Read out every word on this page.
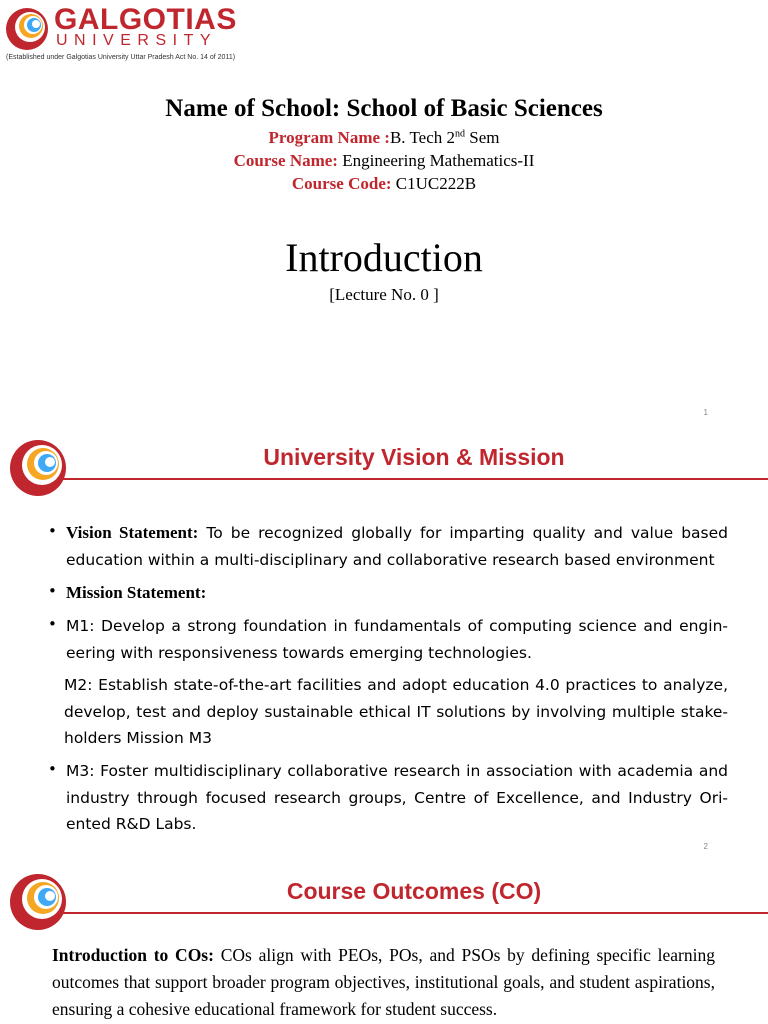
GALGOTIAS
UNIVERSITY
(Established under Galgotias University Uttar Pradesh Act No. 14 of 2011)
Name of School: School of Basic Sciences
Program Name :B. Tech 2nd Sem
Course Name: Engineering Mathematics-II
Course Code: C1UC222B
Introduction
[Lecture No. 0 ]
1
University Vision & Mission
• Vision Statement: To be recognized globally for imparting quality and value based education within a multi-disciplinary and collaborative research based environment
• Mission Statement:
• M1: Develop a strong foundation in fundamentals of computing science and engin-eering with responsiveness towards emerging technologies.
M2: Establish state-of-the-art facilities and adopt education 4.0 practices to analyze, develop, test and deploy sustainable ethical IT solutions by involving multiple stake-holders Mission M3
• M3: Foster multidisciplinary collaborative research in association with academia and industry through focused research groups, Centre of Excellence, and Industry Ori-ented R&D Labs.
2
Course Outcomes (CO)
Introduction to COs: COs align with PEOs, POs, and PSOs by defining specific learning outcomes that support broader program objectives, institutional goals, and student aspirations, ensuring a cohesive educational framework for student success.
